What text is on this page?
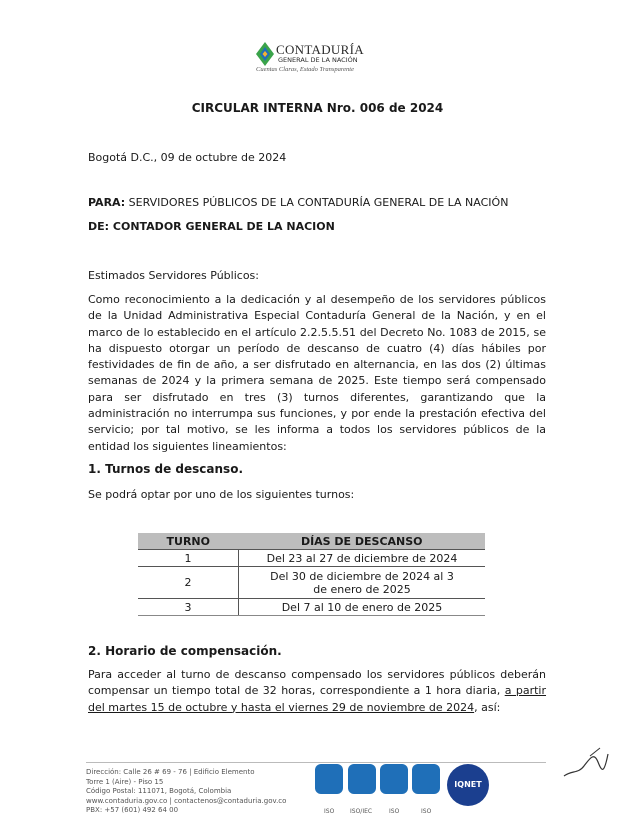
CONTADURÍA
GENERAL DE LA NACIÓN
Cuentas Claras, Estado Transparente
CIRCULAR INTERNA Nro. 006 de 2024
Bogotá D.C., 09 de octubre de 2024
PARA: SERVIDORES PÚBLICOS DE LA CONTADURÍA GENERAL DE LA NACIÓN
DE: CONTADOR GENERAL DE LA NACION
Estimados Servidores Públicos:
Como reconocimiento a la dedicación y al desempeño de los servidores públicos de la Unidad Administrativa Especial Contaduría General de la Nación, y en el marco de lo establecido en el artículo 2.2.5.5.51 del Decreto No. 1083 de 2015, se ha dispuesto otorgar un período de descanso de cuatro (4) días hábiles por festividades de fin de año, a ser disfrutado en alternancia, en las dos (2) últimas semanas de 2024 y la primera semana de 2025. Este tiempo será compensado para ser disfrutado en tres (3) turnos diferentes, garantizando que la administración no interrumpa sus funciones, y por ende la prestación efectiva del servicio; por tal motivo, se les informa a todos los servidores públicos de la entidad los siguientes lineamientos:
1. Turnos de descanso.
Se podrá optar por uno de los siguientes turnos:
TURNO	DÍAS DE DESCANSO
1	Del 23 al 27 de diciembre de 2024
2	Del 30 de diciembre de 2024 al 3 de enero de 2025
3	Del 7 al 10 de enero de 2025
2. Horario de compensación.
Para acceder al turno de descanso compensado los servidores públicos deberán compensar un tiempo total de 32 horas, correspondiente a 1 hora diaria, a partir del martes 15 de octubre y hasta el viernes 29 de noviembre de 2024, así:
Dirección: Calle 26 # 69 - 76 | Edificio Elemento
Torre 1 (Aire) - Piso 15
Código Postal: 111071, Bogotá, Colombia
www.contaduria.gov.co | contactenos@contaduria.gov.co
PBX: +57 (601) 492 64 00	ISO	ISO/IEC	ISO	ISO
IQNET
